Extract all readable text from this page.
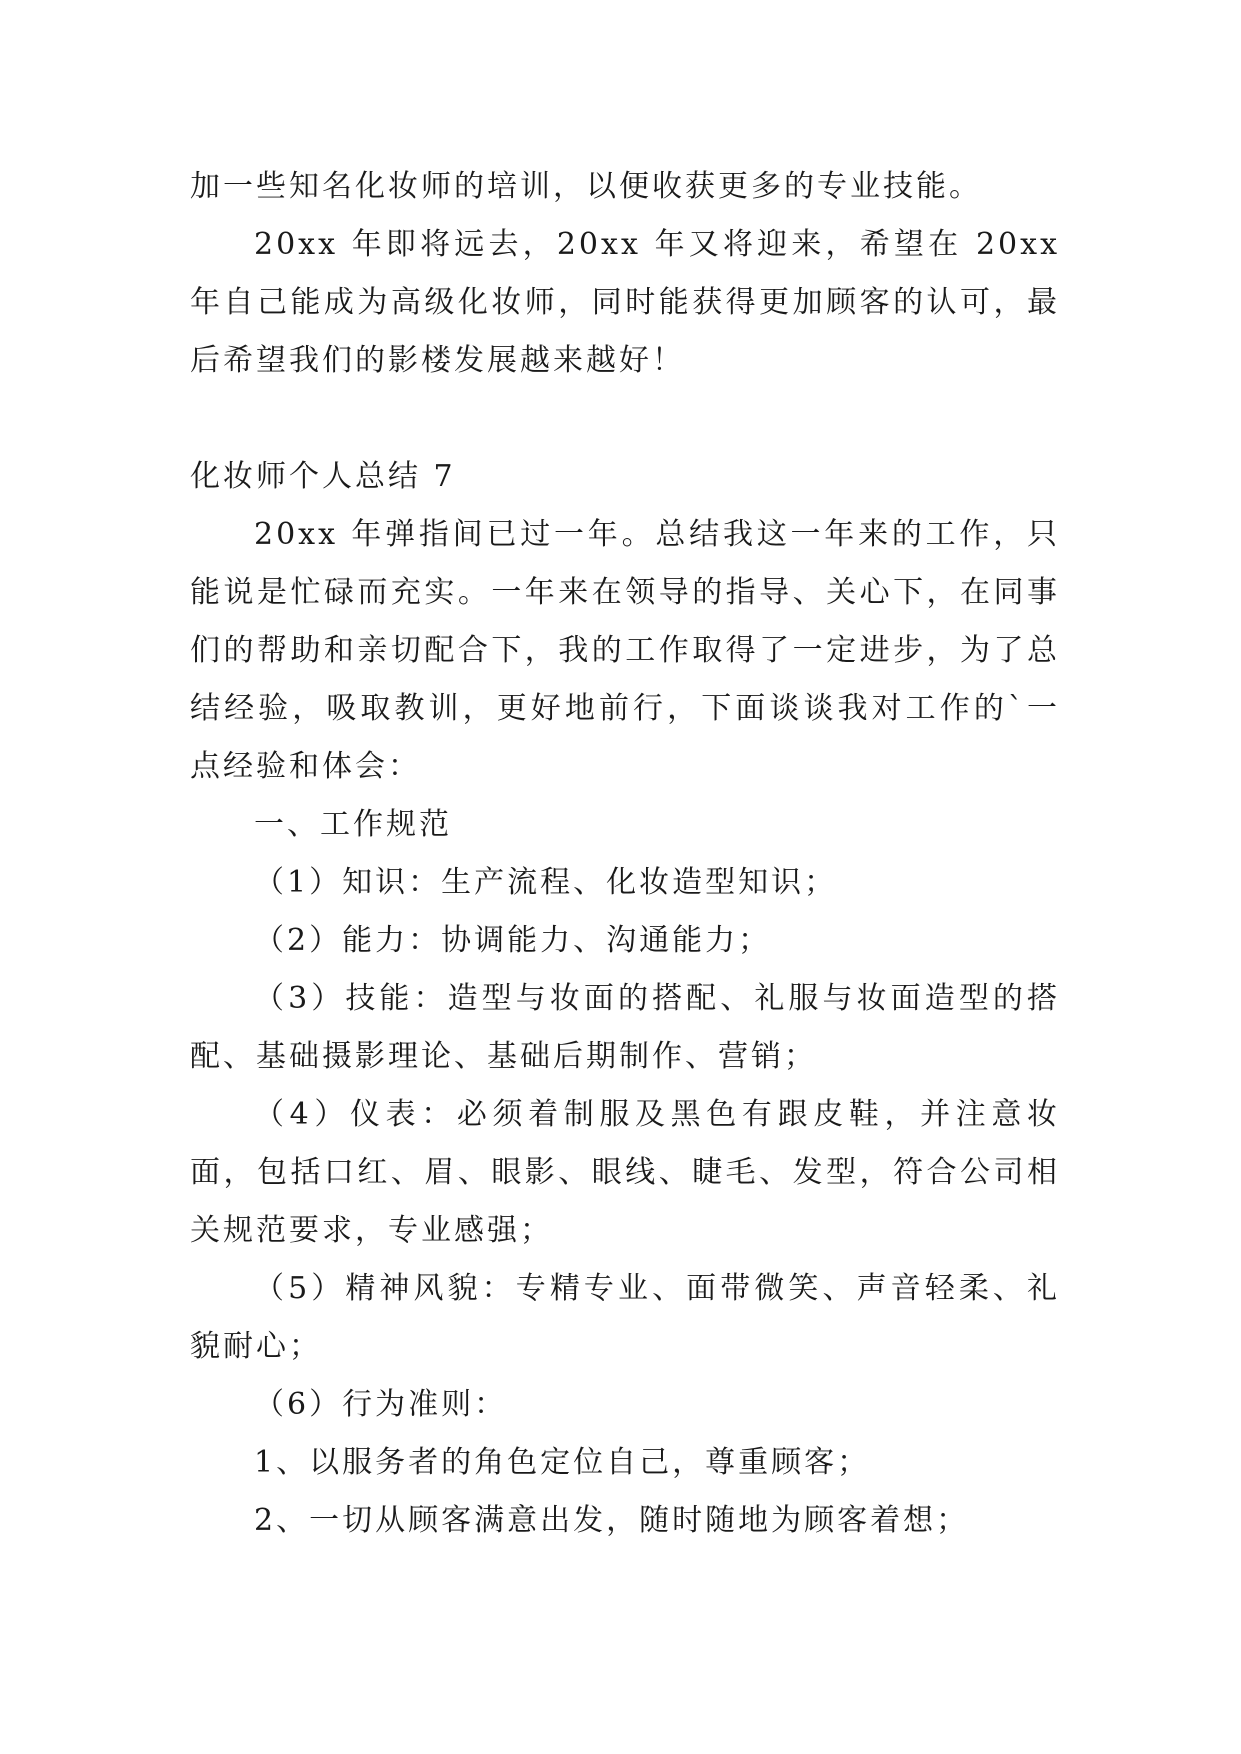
加一些知名化妆师的培训，以便收获更多的专业技能。

20xx 年即将远去，20xx 年又将迎来，希望在 20xx 年自己能成为高级化妆师，同时能获得更加顾客的认可，最后希望我们的影楼发展越来越好！

化妆师个人总结 7

20xx 年弹指间已过一年。总结我这一年来的工作，只能说是忙碌而充实。一年来在领导的指导、关心下，在同事们的帮助和亲切配合下，我的工作取得了一定进步，为了总结经验，吸取教训，更好地前行，下面谈谈我对工作的`一点经验和体会：

一、工作规范

（1）知识：生产流程、化妆造型知识；

（2）能力：协调能力、沟通能力；

（3）技能：造型与妆面的搭配、礼服与妆面造型的搭配、基础摄影理论、基础后期制作、营销；

（4）仪表：必须着制服及黑色有跟皮鞋，并注意妆面，包括口红、眉、眼影、眼线、睫毛、发型，符合公司相关规范要求，专业感强；

（5）精神风貌：专精专业、面带微笑、声音轻柔、礼貌耐心；

（6）行为准则：

1、以服务者的角色定位自己，尊重顾客；

2、一切从顾客满意出发，随时随地为顾客着想；
